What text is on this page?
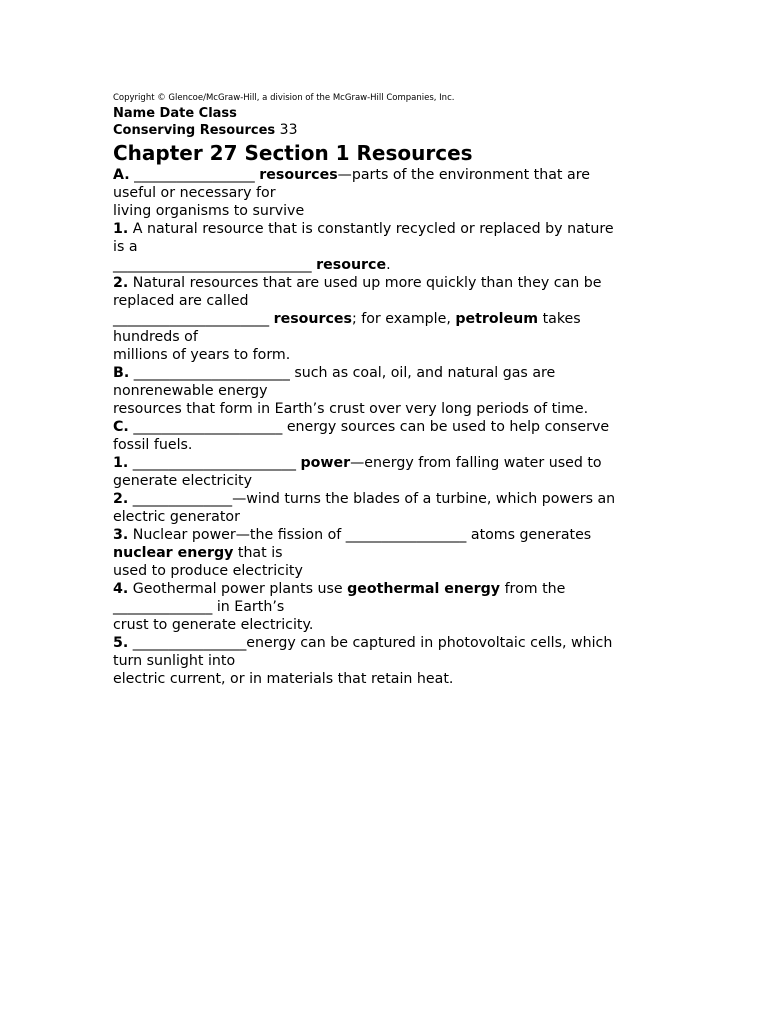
Copyright © Glencoe/McGraw-Hill, a division of the McGraw-Hill Companies, Inc.
Name Date Class
Conserving Resources 33
Chapter 27 Section 1 Resources
A. _________________ resources—parts of the environment that are
useful or necessary for
living organisms to survive
1. A natural resource that is constantly recycled or replaced by nature
is a
____________________________ resource.
2. Natural resources that are used up more quickly than they can be
replaced are called
______________________ resources; for example, petroleum takes
hundreds of
millions of years to form.
B. ______________________ such as coal, oil, and natural gas are
nonrenewable energy
resources that form in Earth’s crust over very long periods of time.
C. _____________________ energy sources can be used to help conserve
fossil fuels.
1. _______________________ power—energy from falling water used to
generate electricity
2. ______________—wind turns the blades of a turbine, which powers an
electric generator
3. Nuclear power—the fission of _________________ atoms generates
nuclear energy that is
used to produce electricity
4. Geothermal power plants use geothermal energy from the
______________ in Earth’s
crust to generate electricity.
5. ________________energy can be captured in photovoltaic cells, which
turn sunlight into
electric current, or in materials that retain heat.
